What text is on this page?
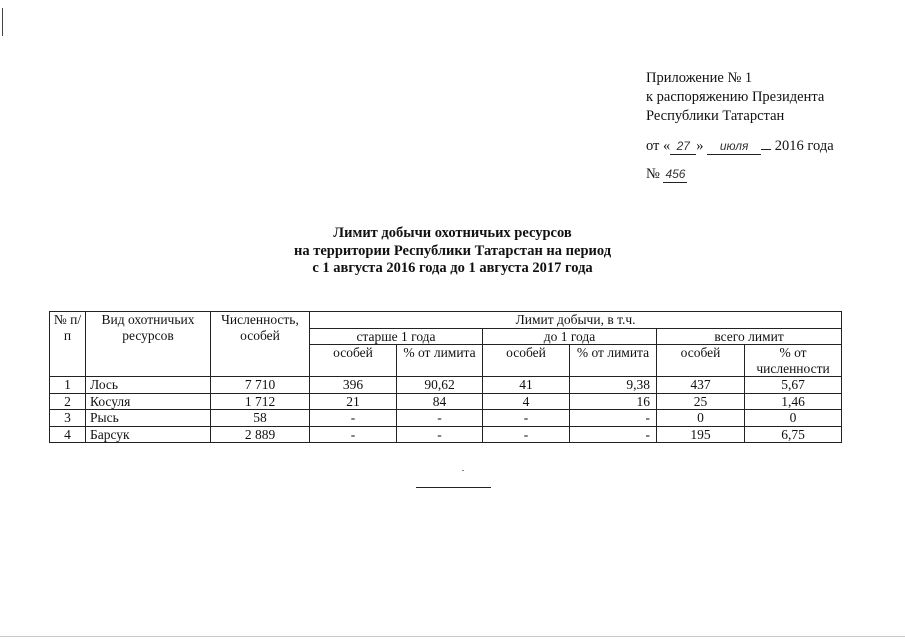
Приложение № 1
к распоряжению Президента
Республики Татарстан
от « 27 » июля 2016 года
№ 456
Лимит добычи охотничьих ресурсов
на территории Республики Татарстан на период
с 1 августа 2016 года до 1 августа 2017 года
№ п/п	Вид охотничьих ресурсов	Численность, особей	Лимит добычи, в т.ч.					
			старше 1 года		до 1 года		всего лимит	
			особей	% от лимита	особей	% от лимита	особей	% от численности
1	Лось	7 710	396	90,62	41	9,38	437	5,67
2	Косуля	1 712	21	84	4	16	25	1,46
3	Рысь	58	-	-	-	-	0	0
4	Барсук	2 889	-	-	-	-	195	6,75
